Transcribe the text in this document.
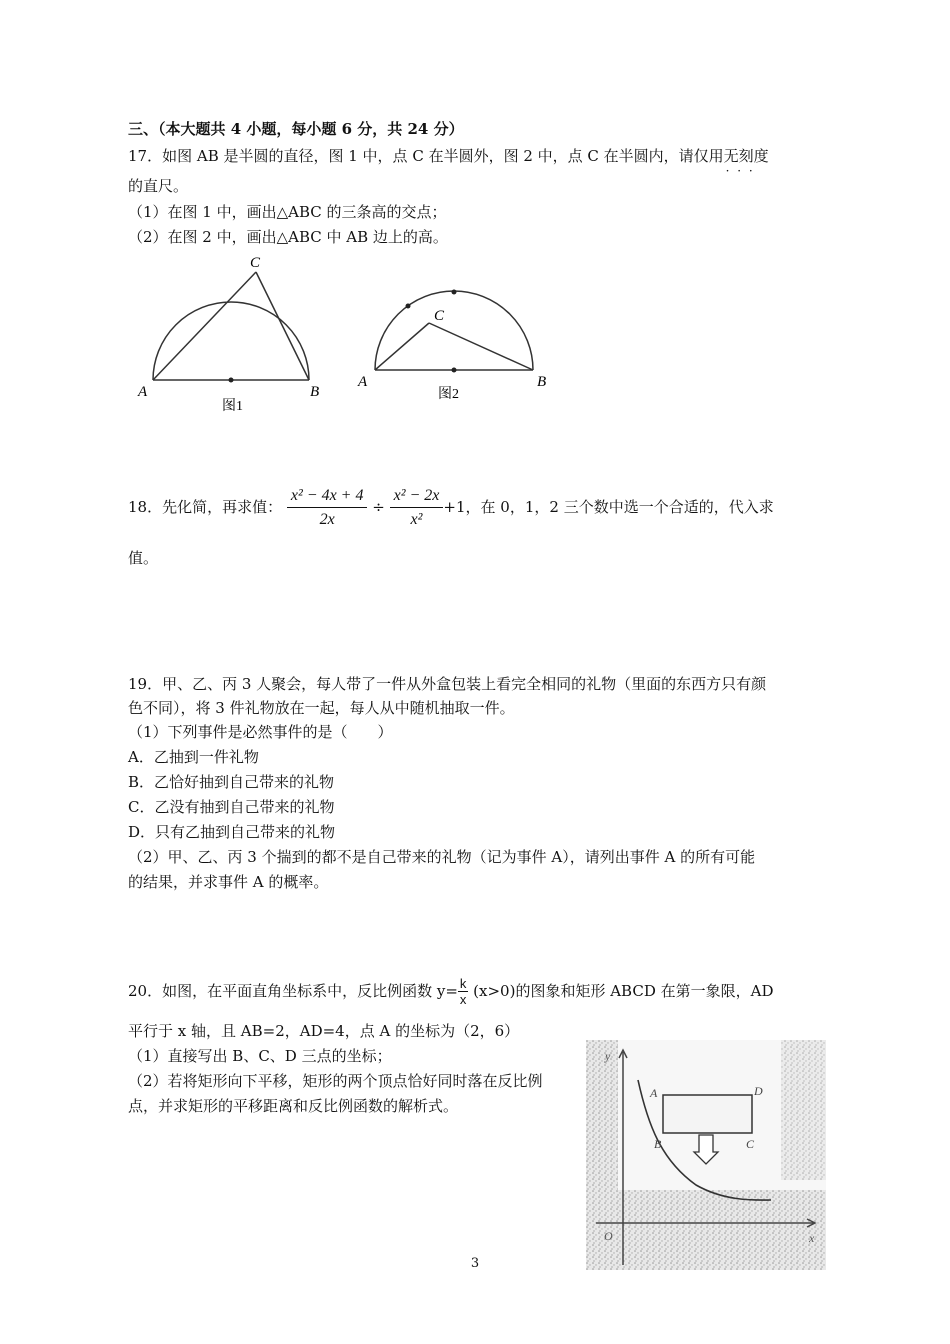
三、（本大题共 4 小题，每小题 6 分，共 24 分）
17．如图 AB 是半圆的直径，图 1 中，点 C 在半圆外，图 2 中，点 C 在半圆内，请仅用无刻度 · · ·
的直尺。
（1）在图 1 中，画出△ABC 的三条高的交点；
（2）在图 2 中，画出△ABC 中 AB 边上的高。
A	B
C
图1
A	B
C
图2
18．先化简，再求值： $\frac{\text{x² − 4x + 4}}{2x} \div \frac{\text{x² − 2x}}{\text{x²}} +1$，在 0，1，2 三个数中选一个合适的，代入求
值。
19．甲、乙、丙 3 人聚会，每人带了一件从外盒包装上看完全相同的礼物（里面的东西方只有颜
色不同），将 3 件礼物放在一起，每人从中随机抽取一件。
（1）下列事件是必然事件的是（　　）
A．乙抽到一件礼物
B．乙恰好抽到自己带来的礼物
C．乙没有抽到自己带来的礼物
D．只有乙抽到自己带来的礼物
（2）甲、乙、丙 3 个揣到的都不是自己带来的礼物（记为事件 A），请列出事件 A 的所有可能
的结果，并求事件 A 的概率。
20．如图，在平面直角坐标系中，反比例函数 $y= \frac{k}{x} (x>0)$的图象和矩形 ABCD 在第一象限，AD
平行于 x 轴，且 AB=2，AD=4，点 A 的坐标为（2，6）
（1）直接写出 B、C、D 三点的坐标；
（2）若将矩形向下平移，矩形的两个顶点恰好同时落在反比例
点，并求矩形的平移距离和反比例函数的解析式。
y
x
O
A
B	C
D
3
